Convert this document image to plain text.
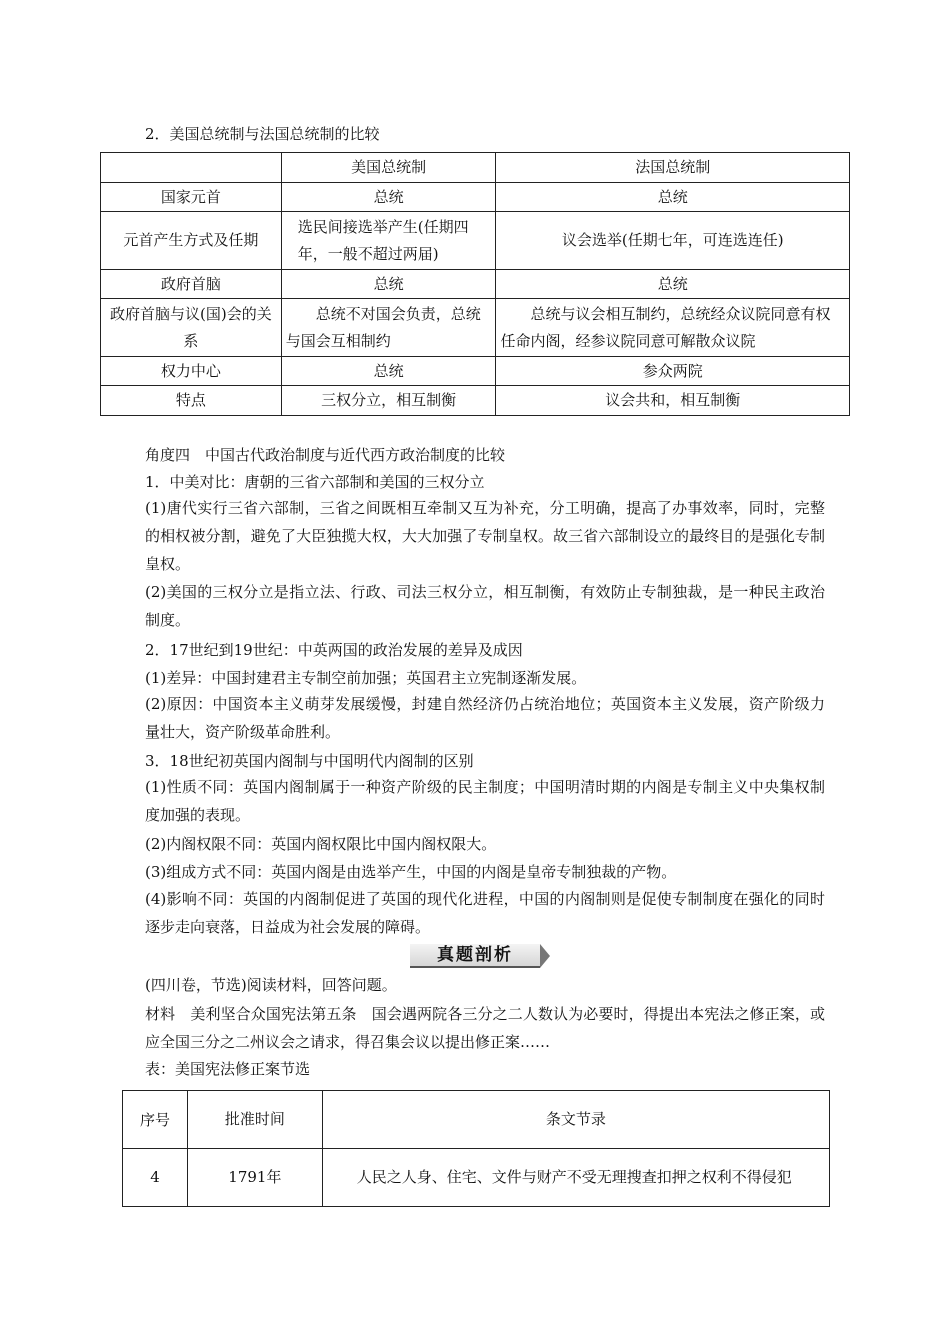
2．美国总统制与法国总统制的比较
	美国总统制	法国总统制
国家元首	总统	总统
元首产生方式及任期	选民间接选举产生(任期四年，一般不超过两届)	议会选举(任期七年，可连选连任)
政府首脑	总统	总统
政府首脑与议(国)会的关系	总统不对国会负责，总统与国会互相制约	总统与议会相互制约，总统经众议院同意有权任命内阁，经参议院同意可解散众议院
权力中心	总统	参众两院
特点	三权分立，相互制衡	议会共和，相互制衡
角度四　中国古代政治制度与近代西方政治制度的比较
1．中美对比：唐朝的三省六部制和美国的三权分立
(1)唐代实行三省六部制，三省之间既相互牵制又互为补充，分工明确，提高了办事效率，同时，完整的相权被分割，避免了大臣独揽大权，大大加强了专制皇权。故三省六部制设立的最终目的是强化专制皇权。
(2)美国的三权分立是指立法、行政、司法三权分立，相互制衡，有效防止专制独裁，是一种民主政治制度。
2．17世纪到19世纪：中英两国的政治发展的差异及成因
(1)差异：中国封建君主专制空前加强；英国君主立宪制逐渐发展。
(2)原因：中国资本主义萌芽发展缓慢，封建自然经济仍占统治地位；英国资本主义发展，资产阶级力量壮大，资产阶级革命胜利。
3．18世纪初英国内阁制与中国明代内阁制的区别
(1)性质不同：英国内阁制属于一种资产阶级的民主制度；中国明清时期的内阁是专制主义中央集权制度加强的表现。
(2)内阁权限不同：英国内阁权限比中国内阁权限大。
(3)组成方式不同：英国内阁是由选举产生，中国的内阁是皇帝专制独裁的产物。
(4)影响不同：英国的内阁制促进了英国的现代化进程，中国的内阁制则是促使专制制度在强化的同时逐步走向衰落，日益成为社会发展的障碍。
真题剖析
(四川卷，节选)阅读材料，回答问题。
材料　美利坚合众国宪法第五条　国会遇两院各三分之二人数认为必要时，得提出本宪法之修正案，或应全国三分之二州议会之请求，得召集会议以提出修正案……
表：美国宪法修正案节选
序号	批准时间	条文节录
4	1791年	人民之人身、住宅、文件与财产不受无理搜查扣押之权利不得侵犯
